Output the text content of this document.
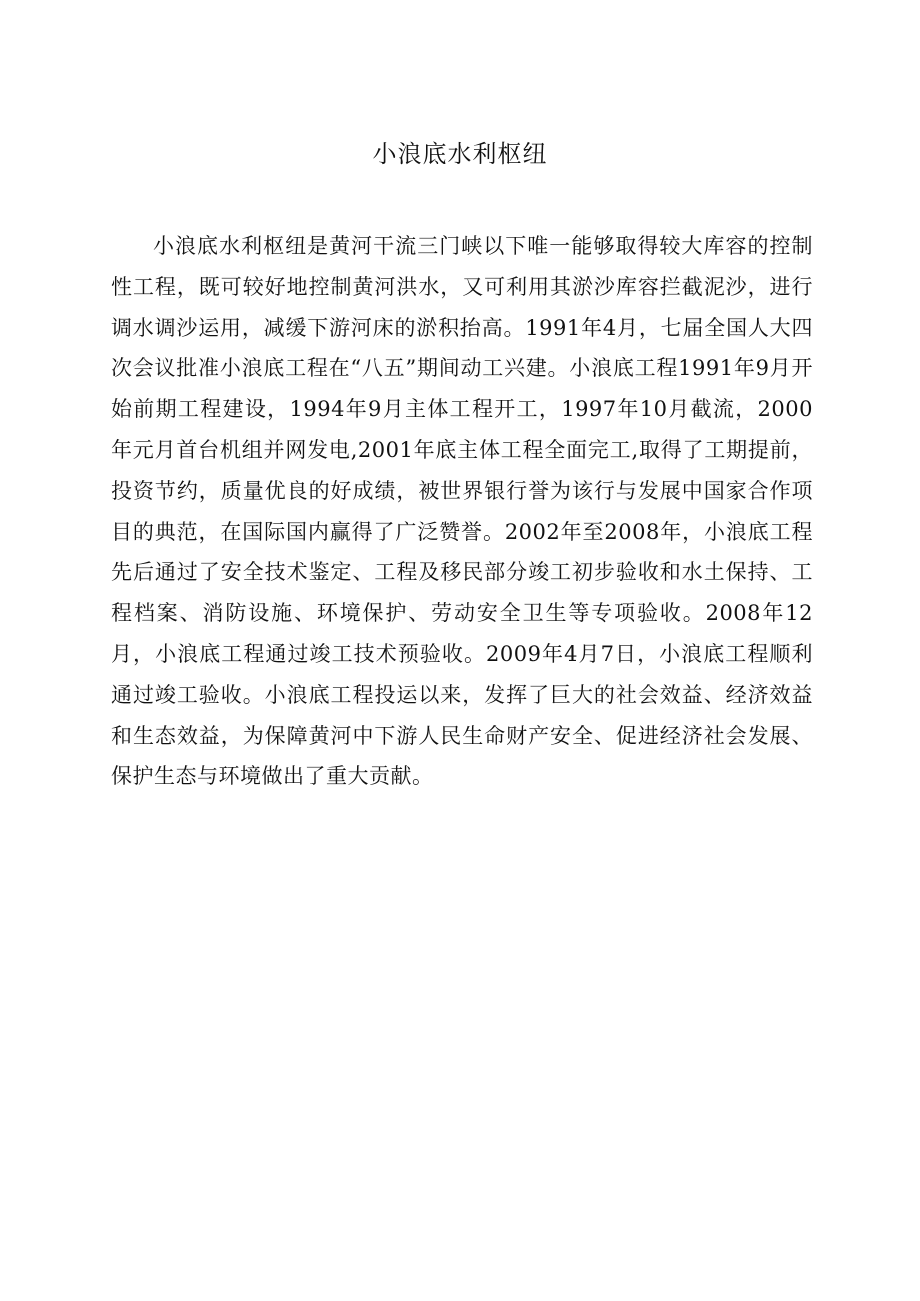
小浪底水利枢纽

小浪底水利枢纽是黄河干流三门峡以下唯一能够取得较大库容的控制性工程，既可较好地控制黄河洪水，又可利用其淤沙库容拦截泥沙，进行调水调沙运用，减缓下游河床的淤积抬高。1991年4月，七届全国人大四次会议批准小浪底工程在“八五”期间动工兴建。小浪底工程1991年9月开始前期工程建设，1994年9月主体工程开工，1997年10月截流，2000年元月首台机组并网发电,2001年底主体工程全面完工,取得了工期提前，投资节约，质量优良的好成绩，被世界银行誉为该行与发展中国家合作项目的典范，在国际国内赢得了广泛赞誉。2002年至2008年，小浪底工程先后通过了安全技术鉴定、工程及移民部分竣工初步验收和水土保持、工程档案、消防设施、环境保护、劳动安全卫生等专项验收。2008年12月，小浪底工程通过竣工技术预验收。2009年4月7日，小浪底工程顺利通过竣工验收。小浪底工程投运以来，发挥了巨大的社会效益、经济效益和生态效益，为保障黄河中下游人民生命财产安全、促进经济社会发展、保护生态与环境做出了重大贡献。
